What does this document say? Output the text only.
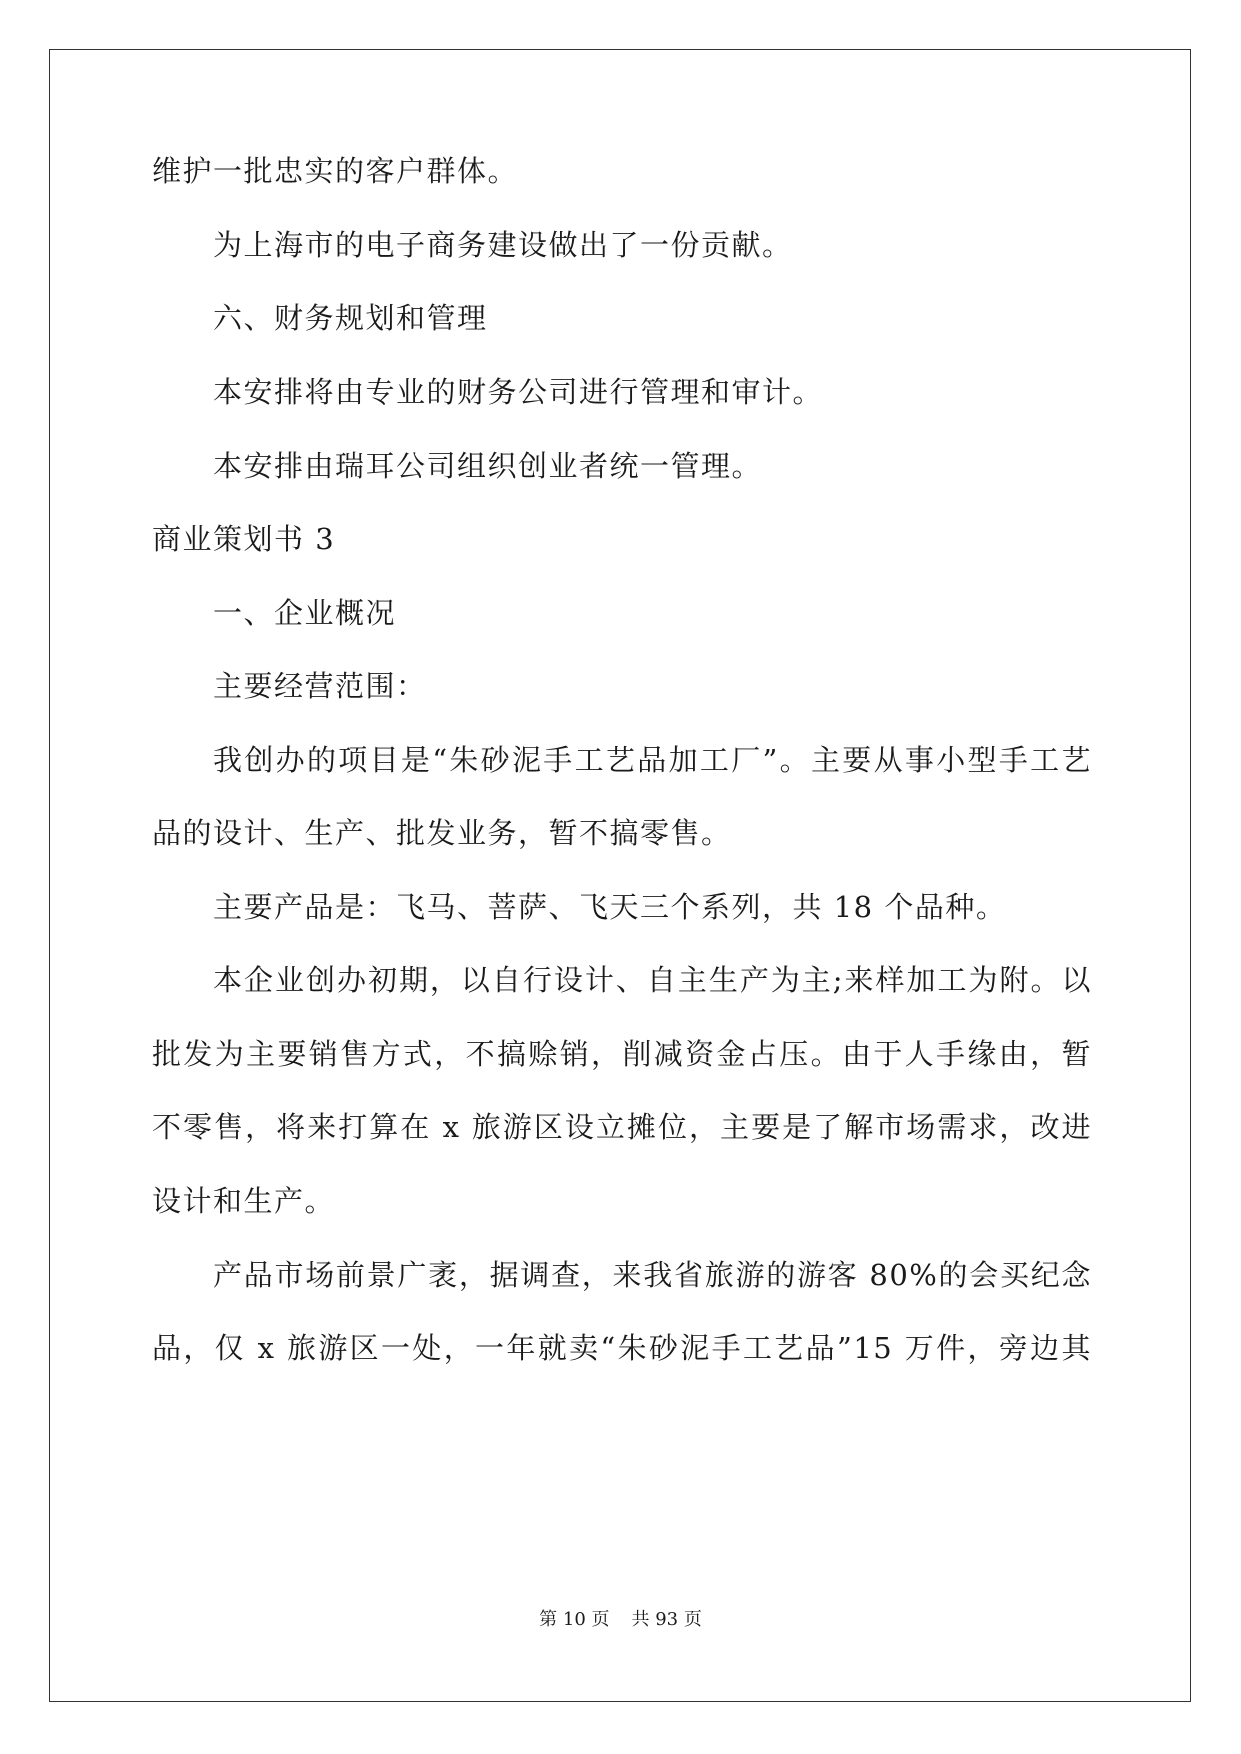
维护一批忠实的客户群体。
为上海市的电子商务建设做出了一份贡献。
六、财务规划和管理
本安排将由专业的财务公司进行管理和审计。
本安排由瑞耳公司组织创业者统一管理。
商业策划书 3
一、企业概况
主要经营范围：
我创办的项目是“朱砂泥手工艺品加工厂”。主要从事小型手工艺
品的设计、生产、批发业务，暂不搞零售。
主要产品是：飞马、菩萨、飞天三个系列，共 18 个品种。
本企业创办初期，以自行设计、自主生产为主;来样加工为附。以
批发为主要销售方式，不搞赊销，削减资金占压。由于人手缘由，暂
不零售，将来打算在 x 旅游区设立摊位，主要是了解市场需求，改进
设计和生产。
产品市场前景广袤，据调查，来我省旅游的游客 80%的会买纪念
品，仅 x 旅游区一处，一年就卖“朱砂泥手工艺品”15 万件，旁边其
第 10 页 共 93 页
